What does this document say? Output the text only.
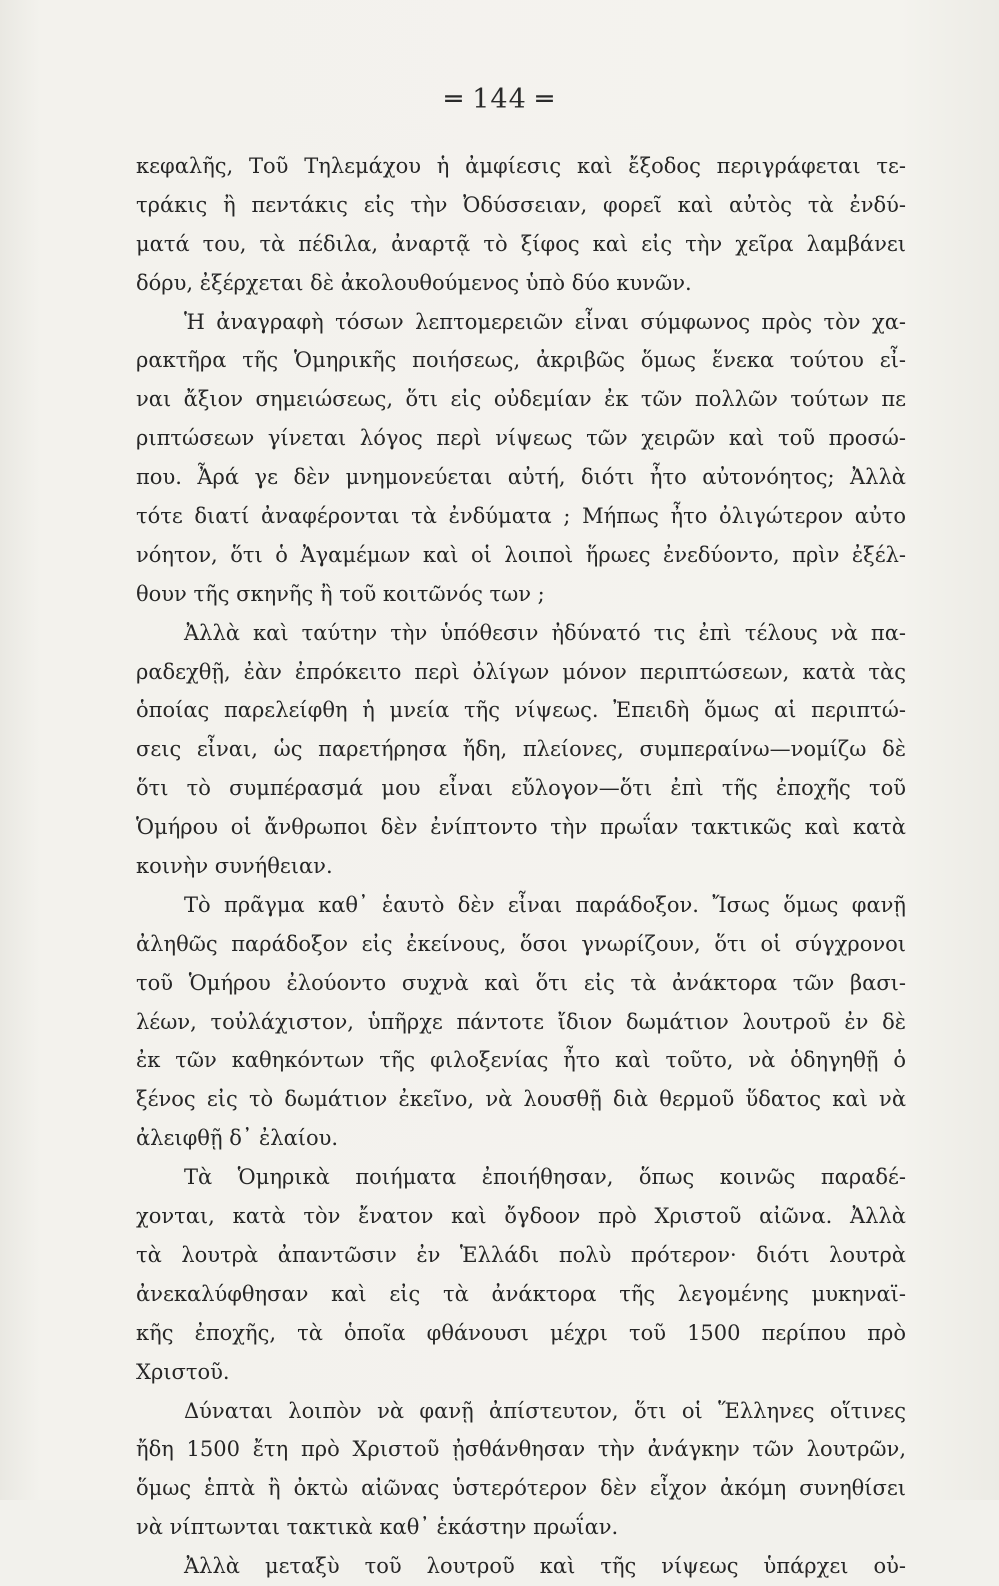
═ 144 ═
κεφαλῆς, Τοῦ Τηλεμάχου ἡ ἀμφίεσις καὶ ἔξοδος περιγράφεται τε-
τράκις ἢ πεντάκις εἰς τὴν Ὀδύσσειαν, φορεῖ καὶ αὐτὸς τὰ ἐνδύ-
ματά του, τὰ πέδιλα, ἀναρτᾷ τὸ ξίφος καὶ εἰς τὴν χεῖρα λαμβάνει
δόρυ, ἐξέρχεται δὲ ἀκολουθούμενος ὑπὸ δύο κυνῶν.
Ἡ ἀναγραφὴ τόσων λεπτομερειῶν εἶναι σύμφωνος πρὸς τὸν χα-
ρακτῆρα τῆς Ὁμηρικῆς ποιήσεως, ἀκριβῶς ὅμως ἕνεκα τούτου εἶ-
ναι ἄξιον σημειώσεως, ὅτι εἰς οὐδεμίαν ἐκ τῶν πολλῶν τούτων πε
ριπτώσεων γίνεται λόγος περὶ νίψεως τῶν χειρῶν καὶ τοῦ προσώ-
που. Ἆρά γε δὲν μνημονεύεται αὐτή, διότι ἦτο αὐτονόητος; Ἀλλὰ
τότε διατί ἀναφέρονται τὰ ἐνδύματα ; Μήπως ἦτο ὀλιγώτερον αὐτο
νόητον, ὅτι ὁ Ἀγαμέμων καὶ οἱ λοιποὶ ἥρωες ἐνεδύοντο, πρὶν ἐξέλ-
θουν τῆς σκηνῆς ἢ τοῦ κοιτῶνός των ;
Ἀλλὰ καὶ ταύτην τὴν ὑπόθεσιν ἠδύνατό τις ἐπὶ τέλους νὰ πα-
ραδεχθῇ, ἐὰν ἐπρόκειτο περὶ ὀλίγων μόνον περιπτώσεων, κατὰ τὰς
ὁποίας παρελείφθη ἡ μνεία τῆς νίψεως. Ἐπειδὴ ὅμως αἱ περιπτώ-
σεις εἶναι, ὡς παρετήρησα ἤδη, πλείονες, συμπεραίνω—νομίζω δὲ
ὅτι τὸ συμπέρασμά μου εἶναι εὔλογον—ὅτι ἐπὶ τῆς ἐποχῆς τοῦ
Ὁμήρου οἱ ἄνθρωποι δὲν ἐνίπτοντο τὴν πρωΐαν τακτικῶς καὶ κατὰ
κοινὴν συνήθειαν.
Τὸ πρᾶγμα καθ᾽ ἑαυτὸ δὲν εἶναι παράδοξον. Ἴσως ὅμως φανῇ
ἀληθῶς παράδοξον εἰς ἐκείνους, ὅσοι γνωρίζουν, ὅτι οἱ σύγχρονοι
τοῦ Ὁμήρου ἐλούοντο συχνὰ καὶ ὅτι εἰς τὰ ἀνάκτορα τῶν βασι-
λέων, τοὐλάχιστον, ὑπῆρχε πάντοτε ἴδιον δωμάτιον λουτροῦ ἐν δὲ
ἐκ τῶν καθηκόντων τῆς φιλοξενίας ἦτο καὶ τοῦτο, νὰ ὁδηγηθῇ ὁ
ξένος εἰς τὸ δωμάτιον ἐκεῖνο, νὰ λουσθῇ διὰ θερμοῦ ὕδατος καὶ νὰ
ἀλειφθῇ δ᾽ ἐλαίου.
Τὰ Ὁμηρικὰ ποιήματα ἐποιήθησαν, ὅπως κοινῶς παραδέ-
χονται, κατὰ τὸν ἔνατον καὶ ὄγδοον πρὸ Χριστοῦ αἰῶνα. Ἀλλὰ
τὰ λουτρὰ ἀπαντῶσιν ἐν Ἑλλάδι πολὺ πρότερον· διότι λουτρὰ
ἀνεκαλύφθησαν καὶ εἰς τὰ ἀνάκτορα τῆς λεγομένης μυκηναϊ-
κῆς ἐποχῆς, τὰ ὁποῖα φθάνουσι μέχρι τοῦ 1500 περίπου πρὸ
Χριστοῦ.
Δύναται λοιπὸν νὰ φανῇ ἀπίστευτον, ὅτι οἱ Ἕλληνες οἵτινες
ἤδη 1500 ἔτη πρὸ Χριστοῦ ᾐσθάνθησαν τὴν ἀνάγκην τῶν λουτρῶν,
ὅμως ἑπτὰ ἢ ὀκτὼ αἰῶνας ὑστερότερον δὲν εἶχον ἀκόμη συνηθίσει
νὰ νίπτωνται τακτικὰ καθ᾽ ἑκάστην πρωΐαν.
Ἀλλὰ μεταξὺ τοῦ λουτροῦ καὶ τῆς νίψεως ὑπάρχει οὐ-
